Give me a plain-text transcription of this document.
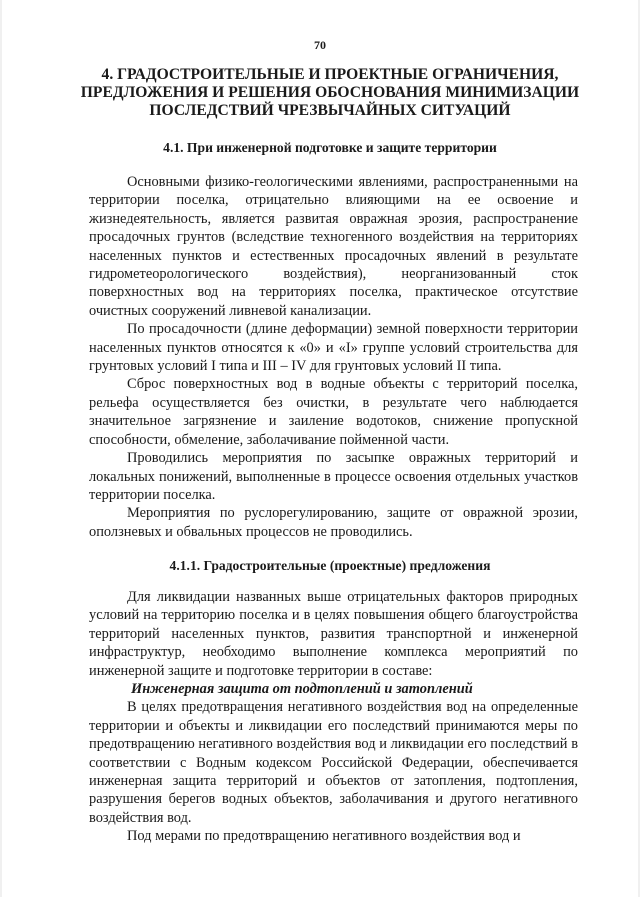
70
4. ГРАДОСТРОИТЕЛЬНЫЕ И ПРОЕКТНЫЕ ОГРАНИЧЕНИЯ,
ПРЕДЛОЖЕНИЯ И РЕШЕНИЯ ОБОСНОВАНИЯ МИНИМИЗАЦИИ
ПОСЛЕДСТВИЙ ЧРЕЗВЫЧАЙНЫХ СИТУАЦИЙ
4.1. При инженерной подготовке и защите территории

Основными физико-геологическими явлениями, распространенными на территории поселка, отрицательно влияющими на ее освоение и жизнедеятельность, является развитая овражная эрозия, распространение просадочных грунтов (вследствие техногенного воздействия на территориях населенных пунктов и естественных просадочных явлений в результате гидрометеорологического воздействия), неорганизованный сток поверхностных вод на территориях поселка, практическое отсутствие очистных сооружений ливневой канализации.

По просадочности (длине деформации) земной поверхности территории населенных пунктов относятся к «0» и «I» группе условий строительства для грунтовых условий I типа и III – IV для грунтовых условий II типа.

Сброс поверхностных вод в водные объекты с территорий поселка, рельефа осуществляется без очистки, в результате чего наблюдается значительное загрязнение и заиление водотоков, снижение пропускной способности, обмеление, заболачивание пойменной части.

Проводились мероприятия по засыпке овражных территорий и локальных понижений, выполненные в процессе освоения отдельных участков территории поселка.

Мероприятия по руслорегулированию, защите от овражной эрозии, оползневых и обвальных процессов не проводились.

4.1.1. Градостроительные (проектные) предложения

Для ликвидации названных выше отрицательных факторов природных условий на территорию поселка и в целях повышения общего благоустройства территорий населенных пунктов, развития транспортной и инженерной инфраструктур, необходимо выполнение комплекса мероприятий по инженерной защите и подготовке территории в составе:

Инженерная защита от подтоплений и затоплений

В целях предотвращения негативного воздействия вод на определенные территории и объекты и ликвидации его последствий принимаются меры по предотвращению негативного воздействия вод и ликвидации его последствий в соответствии с Водным кодексом Российской Федерации, обеспечивается инженерная защита территорий и объектов от затопления, подтопления, разрушения берегов водных объектов, заболачивания и другого негативного воздействия вод.

Под мерами по предотвращению негативного воздействия вод и
